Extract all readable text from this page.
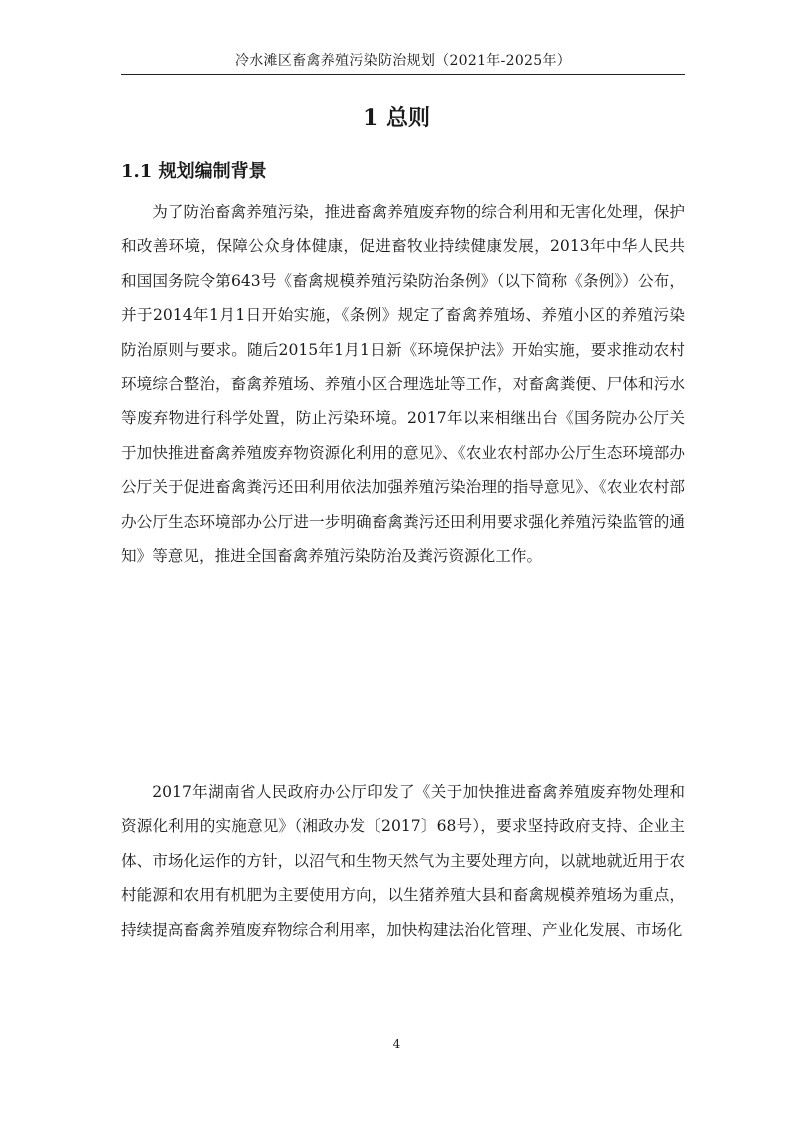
冷水滩区畜禽养殖污染防治规划（2021年-2025年）
1 总则
1.1 规划编制背景

为了防治畜禽养殖污染，推进畜禽养殖废弃物的综合利用和无害化处理，保护和改善环境，保障公众身体健康，促进畜牧业持续健康发展，2013年中华人民共和国国务院令第643号《畜禽规模养殖污染防治条例》（以下简称《条例》）公布，并于2014年1月1日开始实施，《条例》规定了畜禽养殖场、养殖小区的养殖污染防治原则与要求。随后2015年1月1日新《环境保护法》开始实施，要求推动农村环境综合整治，畜禽养殖场、养殖小区合理选址等工作，对畜禽粪便、尸体和污水等废弃物进行科学处置，防止污染环境。2017年以来相继出台《国务院办公厅关于加快推进畜禽养殖废弃物资源化利用的意见》、《农业农村部办公厅生态环境部办公厅关于促进畜禽粪污还田利用依法加强养殖污染治理的指导意见》、《农业农村部办公厅生态环境部办公厅进一步明确畜禽粪污还田利用要求强化养殖污染监管的通知》等意见，推进全国畜禽养殖污染防治及粪污资源化工作。

2017年湖南省人民政府办公厅印发了《关于加快推进畜禽养殖废弃物处理和资源化利用的实施意见》（湘政办发〔2017〕68号），要求坚持政府支持、企业主体、市场化运作的方针，以沼气和生物天然气为主要处理方向，以就地就近用于农村能源和农用有机肥为主要使用方向，以生猪养殖大县和畜禽规模养殖场为重点，持续提高畜禽养殖废弃物综合利用率，加快构建法治化管理、产业化发展、市场化

4
